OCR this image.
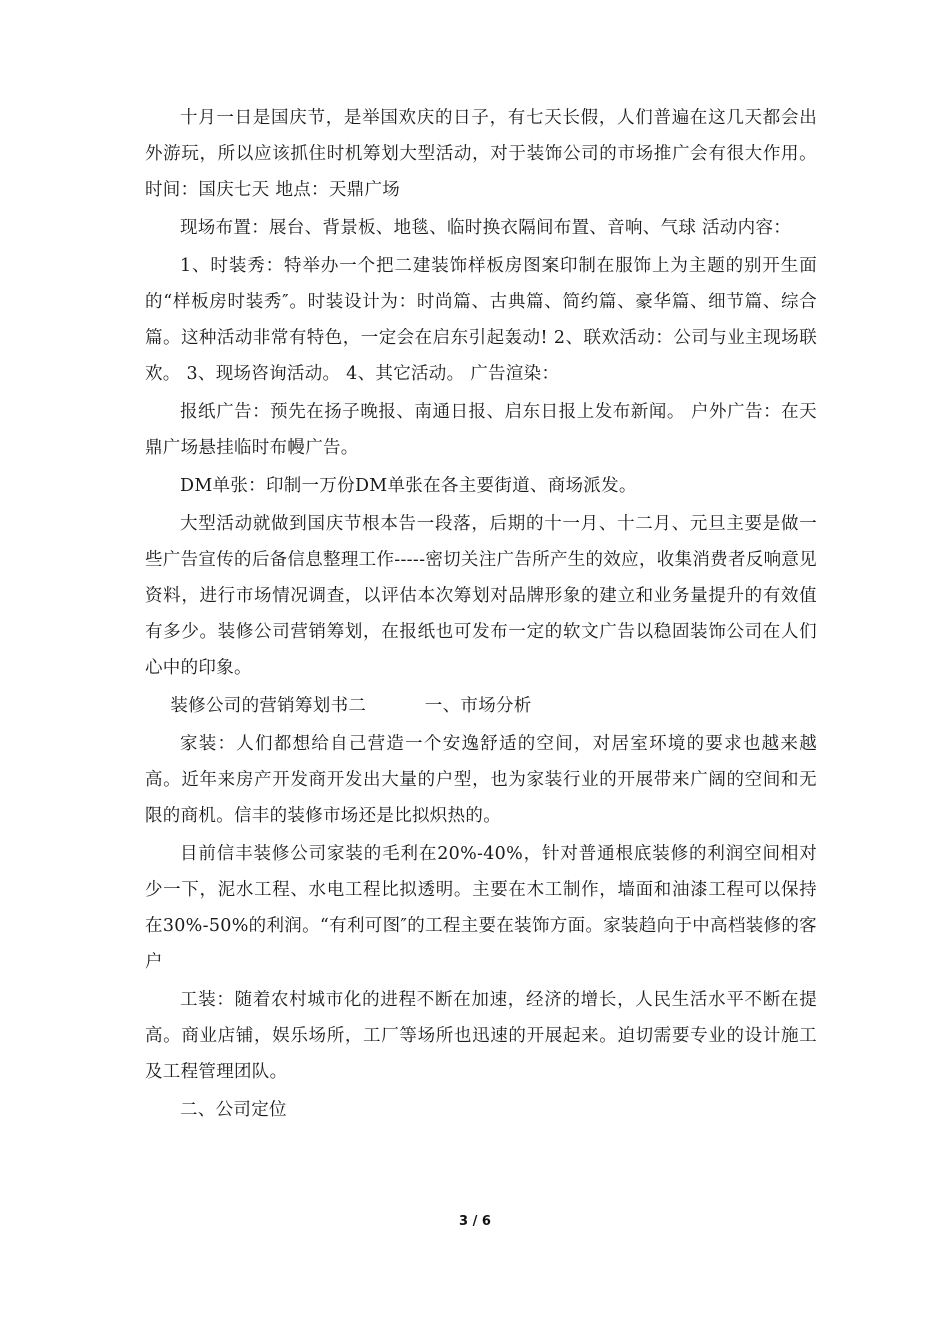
十月一日是国庆节，是举国欢庆的日子，有七天长假，人们普遍在这几天都会出外游玩，所以应该抓住时机筹划大型活动，对于装饰公司的市场推广会有很大作用。 时间：国庆七天 地点：天鼎广场

现场布置：展台、背景板、地毯、临时换衣隔间布置、音响、气球 活动内容：

1、时装秀：特举办一个把二建装饰样板房图案印制在服饰上为主题的别开生面的“样板房时装秀″。时装设计为：时尚篇、古典篇、简约篇、豪华篇、细节篇、综合篇。这种活动非常有特色，一定会在启东引起轰动! 2、联欢活动：公司与业主现场联欢。 3、现场咨询活动。 4、其它活动。 广告渲染：

报纸广告：预先在扬子晚报、南通日报、启东日报上发布新闻。 户外广告：在天鼎广场悬挂临时布幔广告。

DM单张：印制一万份DM单张在各主要街道、商场派发。

大型活动就做到国庆节根本告一段落，后期的十一月、十二月、元旦主要是做一些广告宣传的后备信息整理工作-----密切关注广告所产生的效应，收集消费者反响意见资料，进行市场情况调查，以评估本次筹划对品牌形象的建立和业务量提升的有效值有多少。装修公司营销筹划，在报纸也可发布一定的软文广告以稳固装饰公司在人们心中的印象。

装修公司的营销筹划书二          一、市场分析

家装：人们都想给自己营造一个安逸舒适的空间，对居室环境的要求也越来越高。近年来房产开发商开发出大量的户型，也为家装行业的开展带来广阔的空间和无限的商机。信丰的装修市场还是比拟炽热的。

目前信丰装修公司家装的毛利在20%-40%，针对普通根底装修的利润空间相对少一下，泥水工程、水电工程比拟透明。主要在木工制作，墙面和油漆工程可以保持在30%-50%的利润。“有利可图″的工程主要在装饰方面。家装趋向于中高档装修的客户

工装：随着农村城市化的进程不断在加速，经济的增长，人民生活水平不断在提高。商业店铺，娱乐场所，工厂等场所也迅速的开展起来。迫切需要专业的设计施工及工程管理团队。

二、公司定位

3 / 6
